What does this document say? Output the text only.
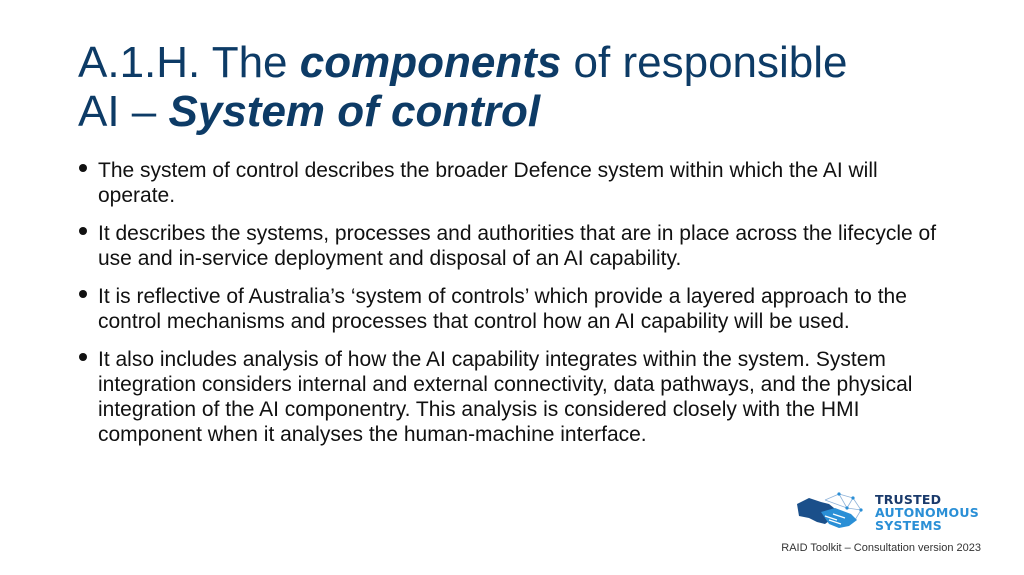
A.1.H. The components of responsible
AI – System of control
The system of control describes the broader Defence system within which the AI will operate.
It describes the systems, processes and authorities that are in place across the lifecycle of use and in-service deployment and disposal of an AI capability.
It is reflective of Australia’s ‘system of controls’ which provide a layered approach to the control mechanisms and processes that control how an AI capability will be used.
It also includes analysis of how the AI capability integrates within the system. System integration considers internal and external connectivity, data pathways, and the physical integration of the AI componentry. This analysis is considered closely with the HMI component when it analyses the human-machine interface.
TRUSTED
AUTONOMOUS
SYSTEMS
RAID Toolkit – Consultation version 2023
